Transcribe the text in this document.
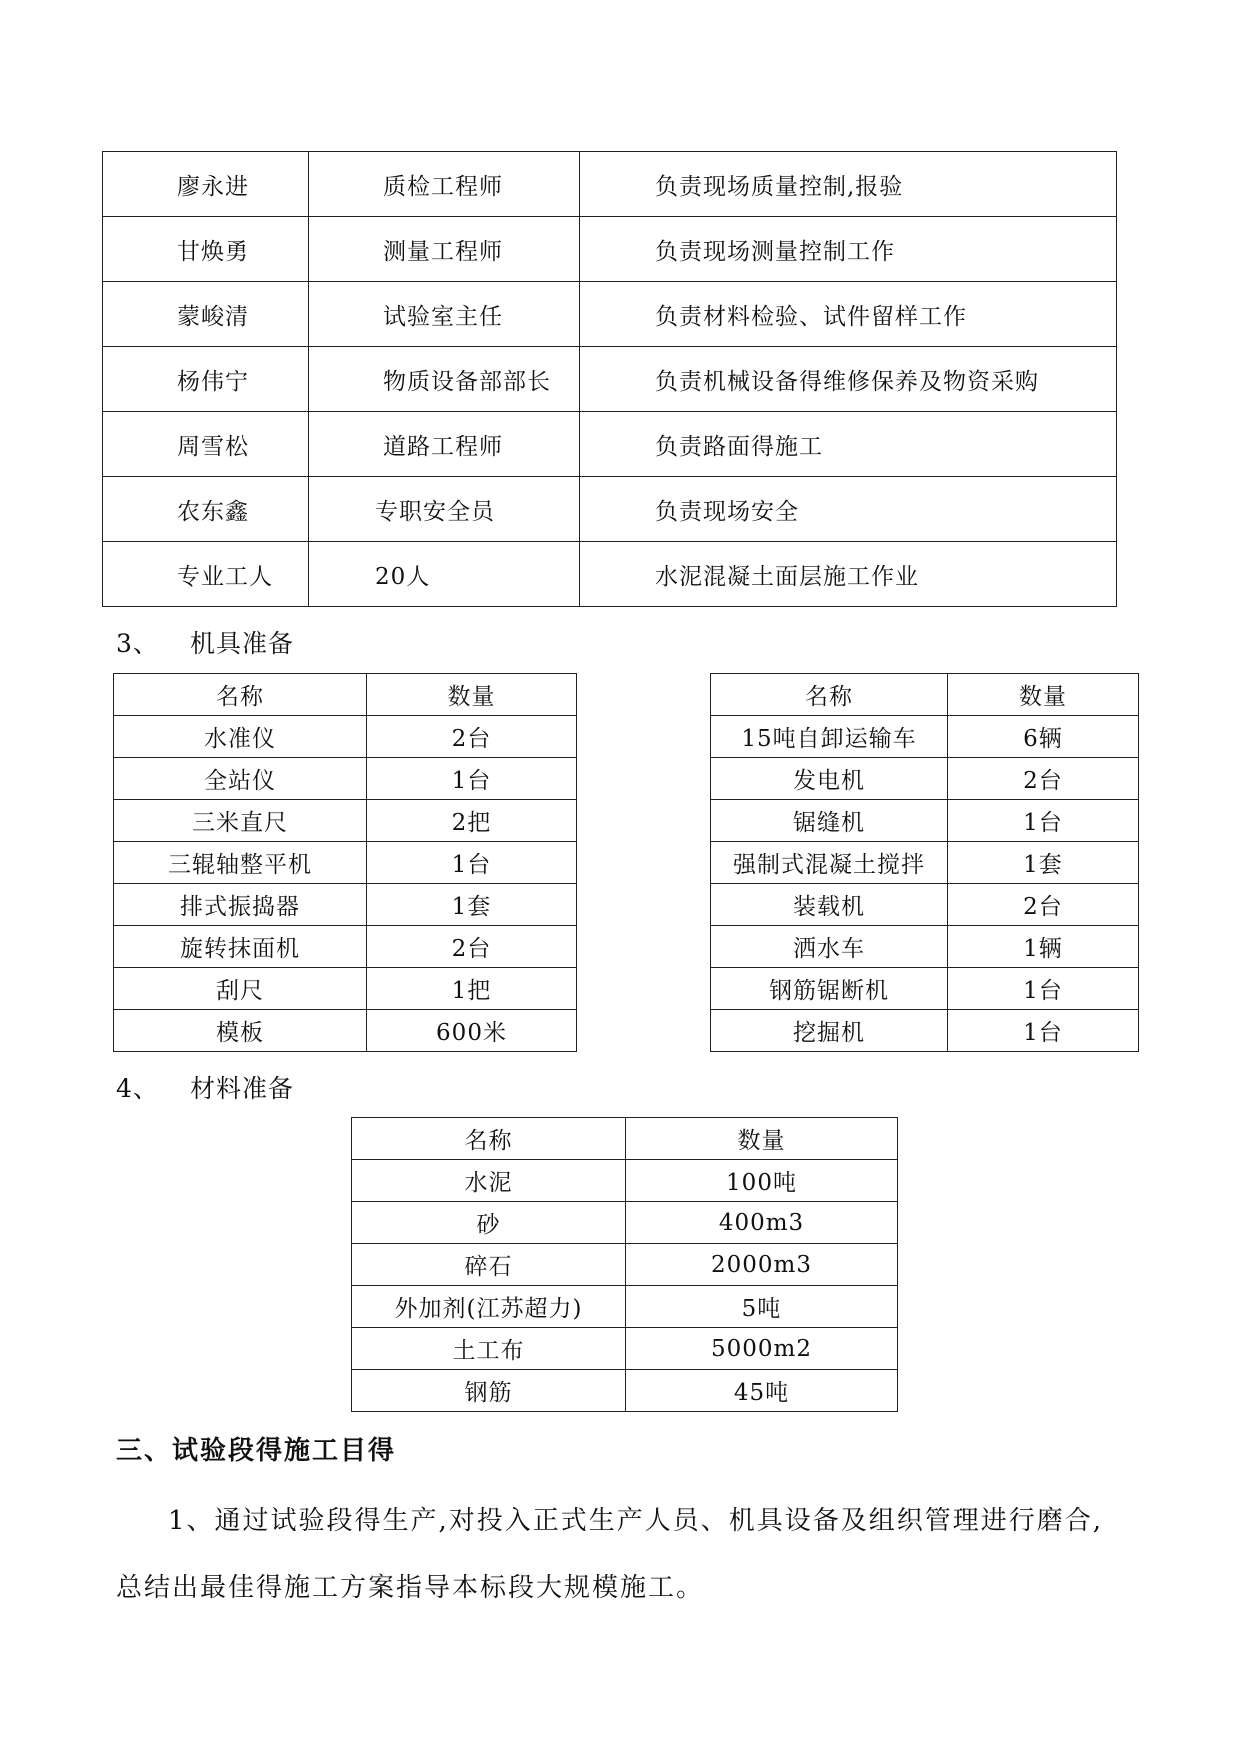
廖永进	质检工程师	负责现场质量控制,报验
甘焕勇	测量工程师	负责现场测量控制工作
蒙峻清	试验室主任	负责材料检验、试件留样工作
杨伟宁	物质设备部部长	负责机械设备得维修保养及物资采购
周雪松	道路工程师	负责路面得施工
农东鑫	专职安全员	负责现场安全
专业工人	20人	水泥混凝土面层施工作业
3、 机具准备
名称	数量		名称	数量
水准仪	2台		15吨自卸运输车	6辆
全站仪	1台		发电机	2台
三米直尺	2把		锯缝机	1台
三辊轴整平机	1台		强制式混凝土搅拌	1套
排式振捣器	1套		装载机	2台
旋转抹面机	2台		洒水车	1辆
刮尺	1把		钢筋锯断机	1台
模板	600米		挖掘机	1台
4、 材料准备
名称	数量
水泥	100吨
砂	400m3
碎石	2000m3
外加剂(江苏超力)	5吨
土工布	5000m2
钢筋	45吨
三、试验段得施工目得
1、通过试验段得生产,对投入正式生产人员、机具设备及组织管理进行磨合,
总结出最佳得施工方案指导本标段大规模施工。
